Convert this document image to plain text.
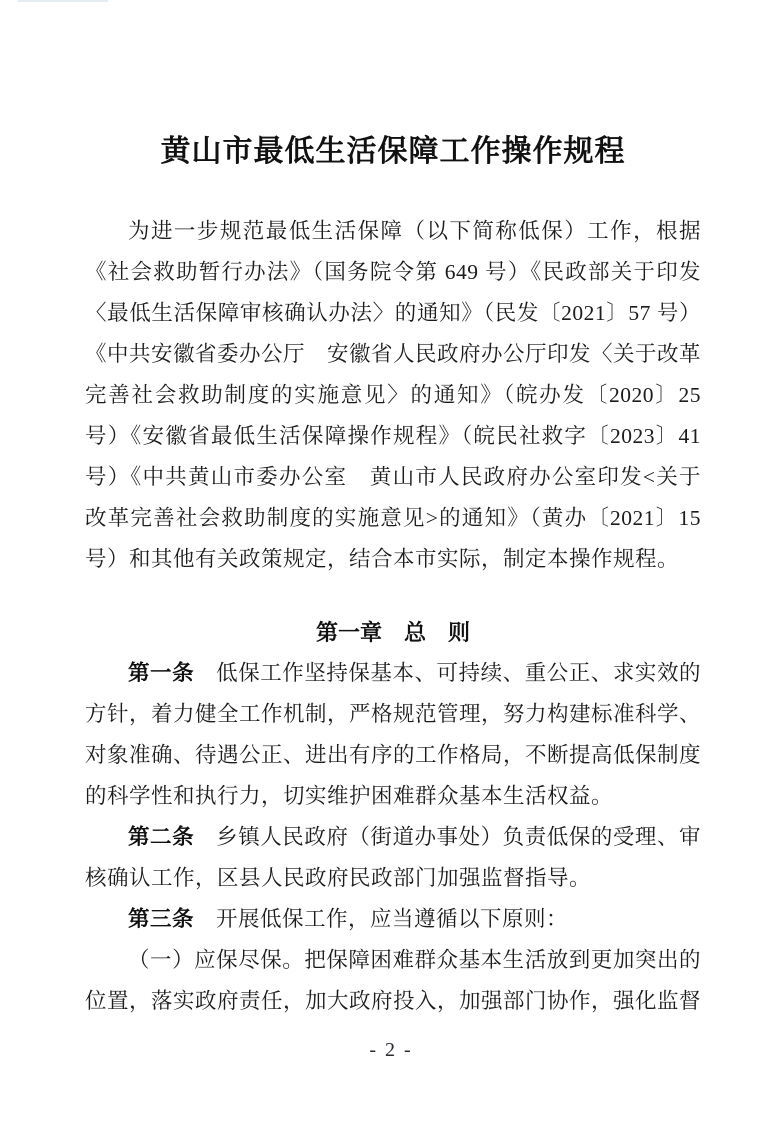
黄山市最低生活保障工作操作规程

为进一步规范最低生活保障（以下简称低保）工作，根据《社会救助暂行办法》（国务院令第 649 号）《民政部关于印发〈最低生活保障审核确认办法〉的通知》（民发〔2021〕57 号）《中共安徽省委办公厅　安徽省人民政府办公厅印发〈关于改革完善社会救助制度的实施意见〉的通知》（皖办发〔2020〕25 号）《安徽省最低生活保障操作规程》（皖民社救字〔2023〕41 号）《中共黄山市委办公室　黄山市人民政府办公室印发<关于改革完善社会救助制度的实施意见>的通知》（黄办〔2021〕15 号）和其他有关政策规定，结合本市实际，制定本操作规程。

第一章　总　则

第一条　低保工作坚持保基本、可持续、重公正、求实效的方针，着力健全工作机制，严格规范管理，努力构建标准科学、对象准确、待遇公正、进出有序的工作格局，不断提高低保制度的科学性和执行力，切实维护困难群众基本生活权益。

第二条　乡镇人民政府（街道办事处）负责低保的受理、审核确认工作，区县人民政府民政部门加强监督指导。

第三条　开展低保工作，应当遵循以下原则：

（一）应保尽保。把保障困难群众基本生活放到更加突出的位置，落实政府责任，加大政府投入，加强部门协作，强化监督

- 2 -
